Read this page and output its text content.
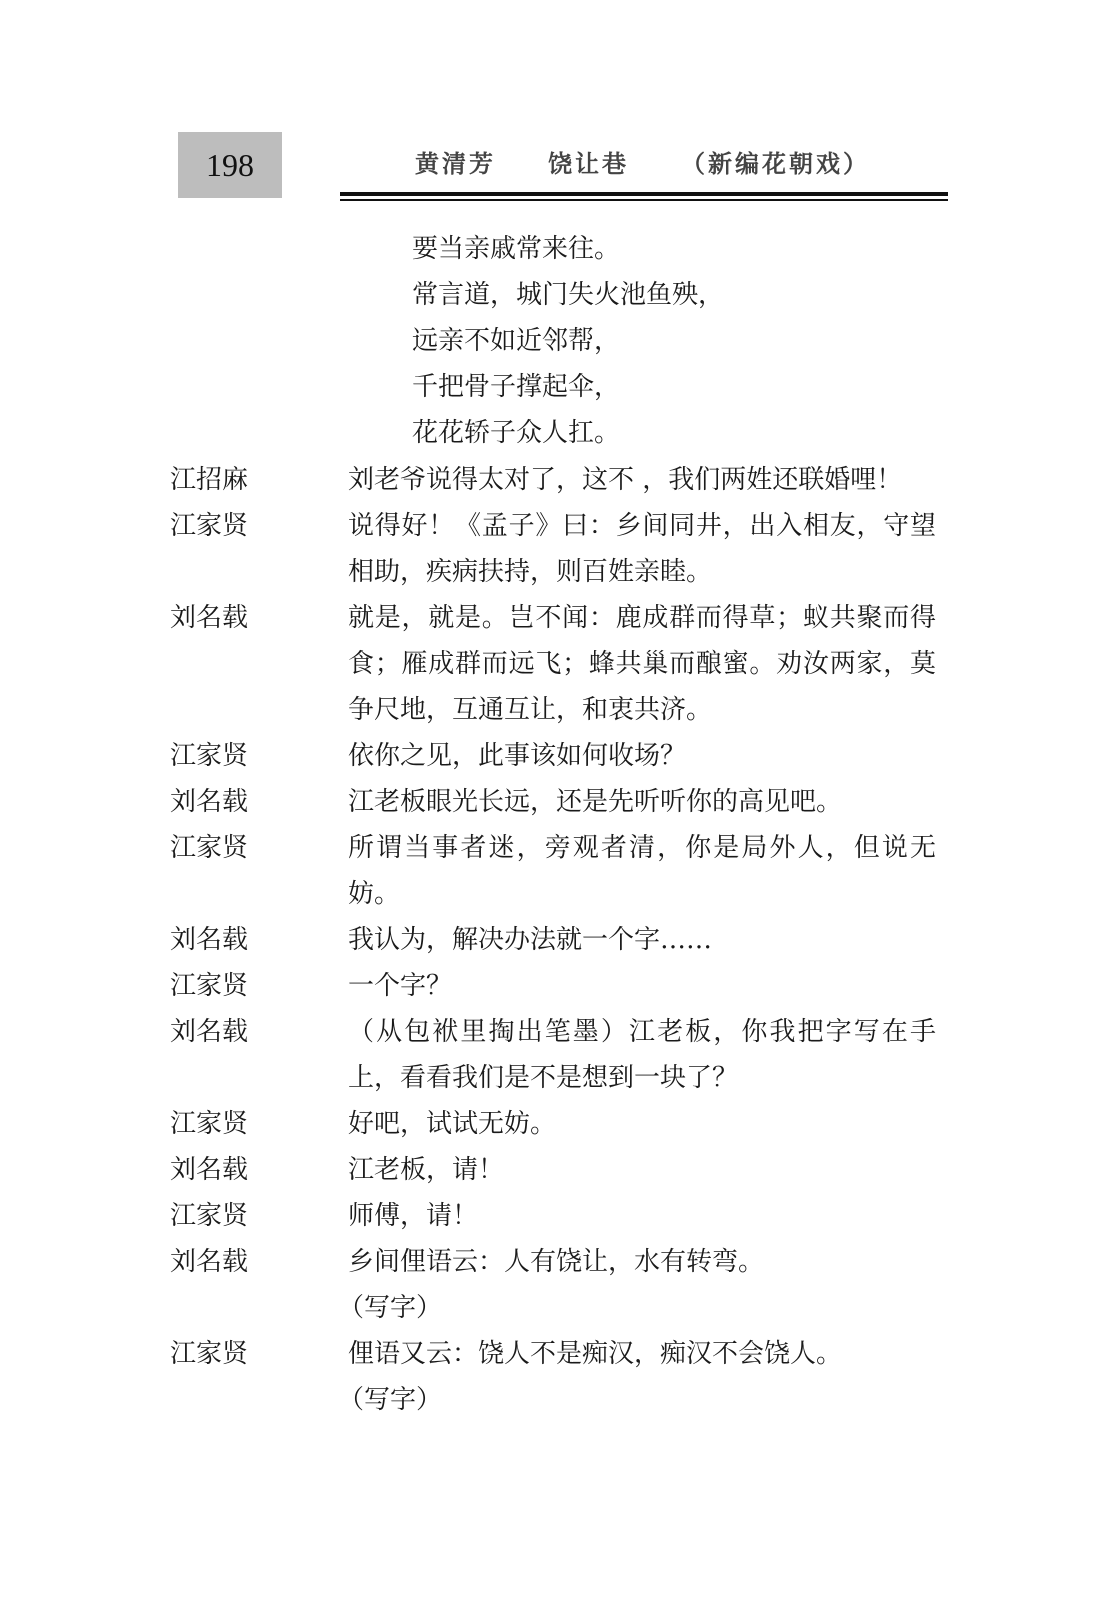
198	黄清芳 饶让巷 （新编花朝戏）
要当亲戚常来往。
常言道，城门失火池鱼殃，
远亲不如近邻帮，
千把骨子撑起伞，
花花轿子众人扛。
江招麻	刘老爷说得太对了，这不 ，我们两姓还联婚哩！
江家贤	说得好！《孟子》曰：乡间同井，出入相友，守望相助，疾病扶持，则百姓亲睦。
刘名载	就是，就是。岂不闻：鹿成群而得草；蚁共聚而得食；雁成群而远飞；蜂共巢而酿蜜。劝汝两家，莫争尺地，互通互让，和衷共济。
江家贤	依你之见，此事该如何收场？
刘名载	江老板眼光长远，还是先听听你的高见吧。
江家贤	所谓当事者迷，旁观者清，你是局外人，但说无妨。
刘名载	我认为，解决办法就一个字……
江家贤	一个字？
刘名载	（从包袱里掏出笔墨）江老板，你我把字写在手上，看看我们是不是想到一块了？
江家贤	好吧，试试无妨。
刘名载	江老板，请！
江家贤	师傅，请！
刘名载	乡间俚语云：人有饶让，水有转弯。
（写字）
江家贤	俚语又云：饶人不是痴汉，痴汉不会饶人。
（写字）
